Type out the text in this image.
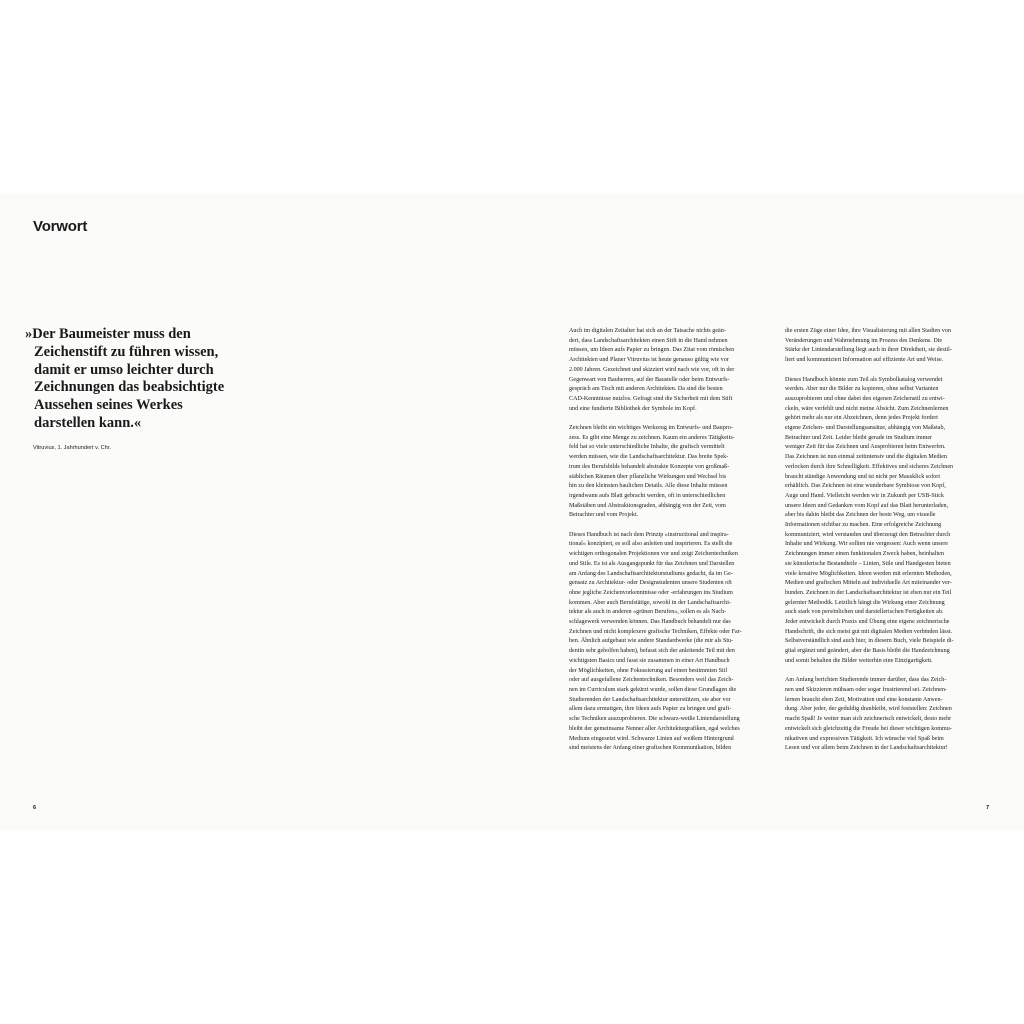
Vorwort

»Der Baumeister muss den
Zeichenstift zu führen wissen,
damit er umso leichter durch
Zeichnungen das beabsichtigte
Aussehen seines Werkes
darstellen kann.«

Vitruvius, 1. Jahrhundert v. Chr.
Auch im digitalen Zeitalter hat sich an der Tatsache nichts geän-
dert, dass Landschaftsarchitekten einen Stift in die Hand nehmen
müssen, um Ideen aufs Papier zu bringen. Das Zitat vom römischen
Architekten und Planer Vitruvius ist heute genauso gültig wie vor
2.000 Jahren. Gezeichnet und skizziert wird nach wie vor, oft in der
Gegenwart von Bauherren, auf der Baustelle oder beim Entwurfs-
gespräch am Tisch mit anderen Architekten. Da sind die besten
CAD-Kenntnisse nutzlos. Gefragt sind die Sicherheit mit dem Stift
und eine fundierte Bibliothek der Symbole im Kopf.
Zeichnen bleibt ein wichtiges Werkzeug im Entwurfs- und Baupro-
zess. Es gibt eine Menge zu zeichnen. Kaum ein anderes Tätigkeits-
feld hat so viele unterschiedliche Inhalte, die grafisch vermittelt
werden müssen, wie die Landschaftsarchitektur. Das breite Spek-
trum des Berufsbilds behandelt abstrakte Konzepte von großmaß-
stäblichen Räumen über pflanzliche Wirkungen und Wechsel bis
hin zu den kleinsten baulichen Details. Alle diese Inhalte müssen
irgendwann aufs Blatt gebracht werden, oft in unterschiedlichen
Maßstäben und Abstraktionsgraden, abhängig von der Zeit, vom
Betrachter und vom Projekt.
Dieses Handbuch ist nach dem Prinzip »instructional and inspira-
tional« konzipiert, es soll also anleiten und inspirieren. Es stellt die
wichtigen orthogonalen Projektionen vor und zeigt Zeichentechniken
und Stile. Es ist als Ausgangspunkt für das Zeichnen und Darstellen
am Anfang des Landschaftsarchitekturstudiums gedacht, da im Ge-
gensatz zu Architektur- oder Designstudenten unsere Studenten oft
ohne jegliche Zeichenvorkenntnisse oder -erfahrungen ins Studium
kommen. Aber auch Berufstätige, sowohl in der Landschaftsarchi-
tektur als auch in anderen »grünen Berufen«, sollen es als Nach-
schlagewerk verwenden können. Das Handbuch behandelt nur das
Zeichnen und nicht komplexere grafische Techniken, Effekte oder Far-
ben. Ähnlich aufgebaut wie andere Standardwerke (die mir als Stu-
dentin sehr geholfen haben), befasst sich der anleitende Teil mit den
wichtigsten Basics und fasst sie zusammen in einer Art Handbuch
der Möglichkeiten, ohne Fokussierung auf einen bestimmten Stil
oder auf ausgefallene Zeichentechniken. Besonders weil das Zeich-
nen im Curriculum stark gekürzt wurde, sollen diese Grundlagen die
Studierenden der Landschaftsarchitektur unterstützen, sie aber vor
allem dazu ermutigen, ihre Ideen aufs Papier zu bringen und grafi-
sche Techniken auszuprobieren. Die schwarz-weiße Liniendarstellung
bleibt der gemeinsame Nenner aller Architekturgrafiken, egal welches
Medium eingesetzt wird. Schwarze Linien auf weißem Hintergrund
sind meistens der Anfang einer grafischen Kommunikation, bilden
die ersten Züge einer Idee, ihre Visualisierung mit allen Stadien von
Veränderungen und Wahrnehmung im Prozess des Denkens. Die
Stärke der Liniendarstellung liegt auch in ihrer Direktheit, sie destil-
liert und kommuniziert Information auf effiziente Art und Weise.
Dieses Handbuch könnte zum Teil als Symbolkatalog verwendet
werden. Aber nur die Bilder zu kopieren, ohne selbst Varianten
auszuprobieren und ohne dabei den eigenen Zeichenstil zu entwi-
ckeln, wäre verfehlt und nicht meine Absicht. Zum Zeichnenlernen
gehört mehr als nur ein Abzeichnen, denn jedes Projekt fordert
eigene Zeichen- und Darstellungsansätze, abhängig von Maßstab,
Betrachter und Zeit. Leider bleibt gerade im Studium immer
weniger Zeit für das Zeichnen und Ausprobieren beim Entwerfen.
Das Zeichnen ist nun einmal zeitintensiv und die digitalen Medien
verlocken durch ihre Schnelligkeit. Effektives und sicheres Zeichnen
braucht ständige Anwendung und ist nicht per Mausklick sofort
erhältlich. Das Zeichnen ist eine wunderbare Symbiose von Kopf,
Auge und Hand. Vielleicht werden wir in Zukunft per USB-Stick
unsere Ideen und Gedanken vom Kopf auf das Blatt herunterladen,
aber bis dahin bleibt das Zeichnen der beste Weg, um visuelle
Informationen sichtbar zu machen. Eine erfolgreiche Zeichnung
kommuniziert, wird verstanden und überzeugt den Betrachter durch
Inhalte und Wirkung. Wir sollten nie vergessen: Auch wenn unsere
Zeichnungen immer einen funktionalen Zweck haben, beinhalten
sie künstlerische Bestandteile – Linien, Stile und Handgesten bieten
viele kreative Möglichkeiten. Ideen werden mit erlernten Methoden,
Medien und grafischen Mitteln auf individuelle Art miteinander ver-
bunden. Zeichnen in der Landschaftsarchitektur ist eben nur ein Teil
gelernter Methodik. Letztlich hängt die Wirkung einer Zeichnung
auch stark von persönlichen und darstellerischen Fertigkeiten ab.
Jeder entwickelt durch Praxis und Übung eine eigene zeichnerische
Handschrift, die sich meist gut mit digitalen Medien verbinden lässt.
Selbstverständlich sind auch hier, in diesem Buch, viele Beispiele di-
gital ergänzt und geändert, aber die Basis bleibt die Handzeichnung
und somit behalten die Bilder weiterhin eine Einzigartigkeit.
Am Anfang berichten Studierende immer darüber, dass das Zeich-
nen und Skizzieren mühsam oder sogar frustrierend sei. Zeichnen-
lernen braucht eben Zeit, Motivation und eine konstante Anwen-
dung. Aber jeder, der geduldig dranbleibt, wird feststellen: Zeichnen
macht Spaß! Je weiter man sich zeichnerisch entwickelt, desto mehr
entwickelt sich gleichzeitig die Freude bei dieser wichtigen kommu-
nikativen und expressiven Tätigkeit. Ich wünsche viel Spaß beim
Lesen und vor allem beim Zeichnen in der Landschaftsarchitektur!
6	7
